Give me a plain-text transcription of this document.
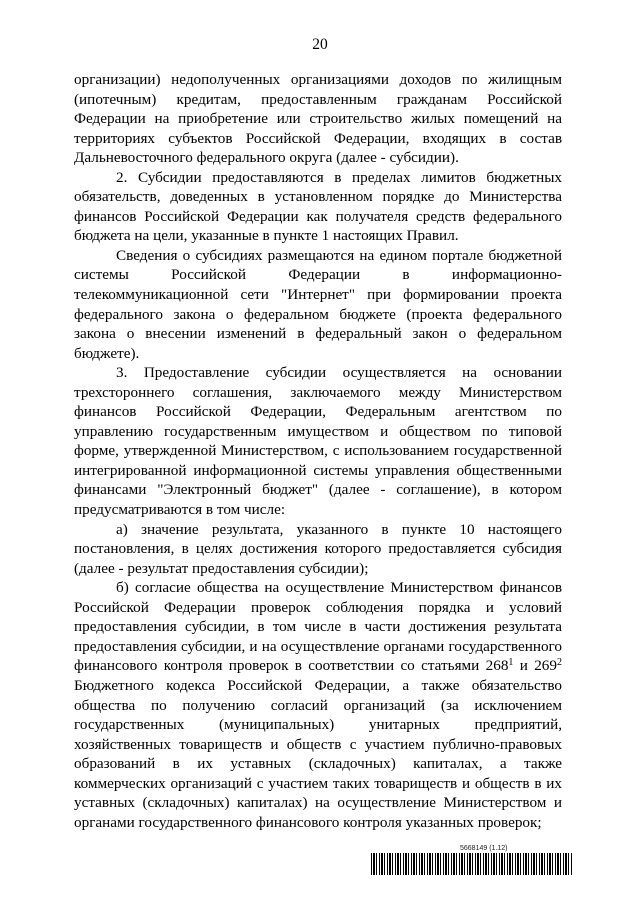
20

организации) недополученных организациями доходов по жилищным (ипотечным) кредитам, предоставленным гражданам Российской Федерации на приобретение или строительство жилых помещений на территориях субъектов Российской Федерации, входящих в состав Дальневосточного федерального округа (далее - субсидии).

2. Субсидии предоставляются в пределах лимитов бюджетных обязательств, доведенных в установленном порядке до Министерства финансов Российской Федерации как получателя средств федерального бюджета на цели, указанные в пункте 1 настоящих Правил.

Сведения о субсидиях размещаются на едином портале бюджетной системы Российской Федерации в информационно-телекоммуникационной сети "Интернет" при формировании проекта федерального закона о федеральном бюджете (проекта федерального закона о внесении изменений в федеральный закон о федеральном бюджете).

3. Предоставление субсидии осуществляется на основании трехстороннего соглашения, заключаемого между Министерством финансов Российской Федерации, Федеральным агентством по управлению государственным имуществом и обществом по типовой форме, утвержденной Министерством, с использованием государственной интегрированной информационной системы управления общественными финансами "Электронный бюджет" (далее - соглашение), в котором предусматриваются в том числе:

а) значение результата, указанного в пункте 10 настоящего постановления, в целях достижения которого предоставляется субсидия (далее - результат предоставления субсидии);

б) согласие общества на осуществление Министерством финансов Российской Федерации проверок соблюдения порядка и условий предоставления субсидии, в том числе в части достижения результата предоставления субсидии, и на осуществление органами государственного финансового контроля проверок в соответствии со статьями $268^1$ и $269^2$ Бюджетного кодекса Российской Федерации, а также обязательство общества по получению согласий организаций (за исключением государственных (муниципальных) унитарных предприятий, хозяйственных товариществ и обществ с участием публично-правовых образований в их уставных (складочных) капиталах, а также коммерческих организаций с участием таких товариществ и обществ в их уставных (складочных) капиталах) на осуществление Министерством и органами государственного финансового контроля указанных проверок;

5668149 (1.12)
